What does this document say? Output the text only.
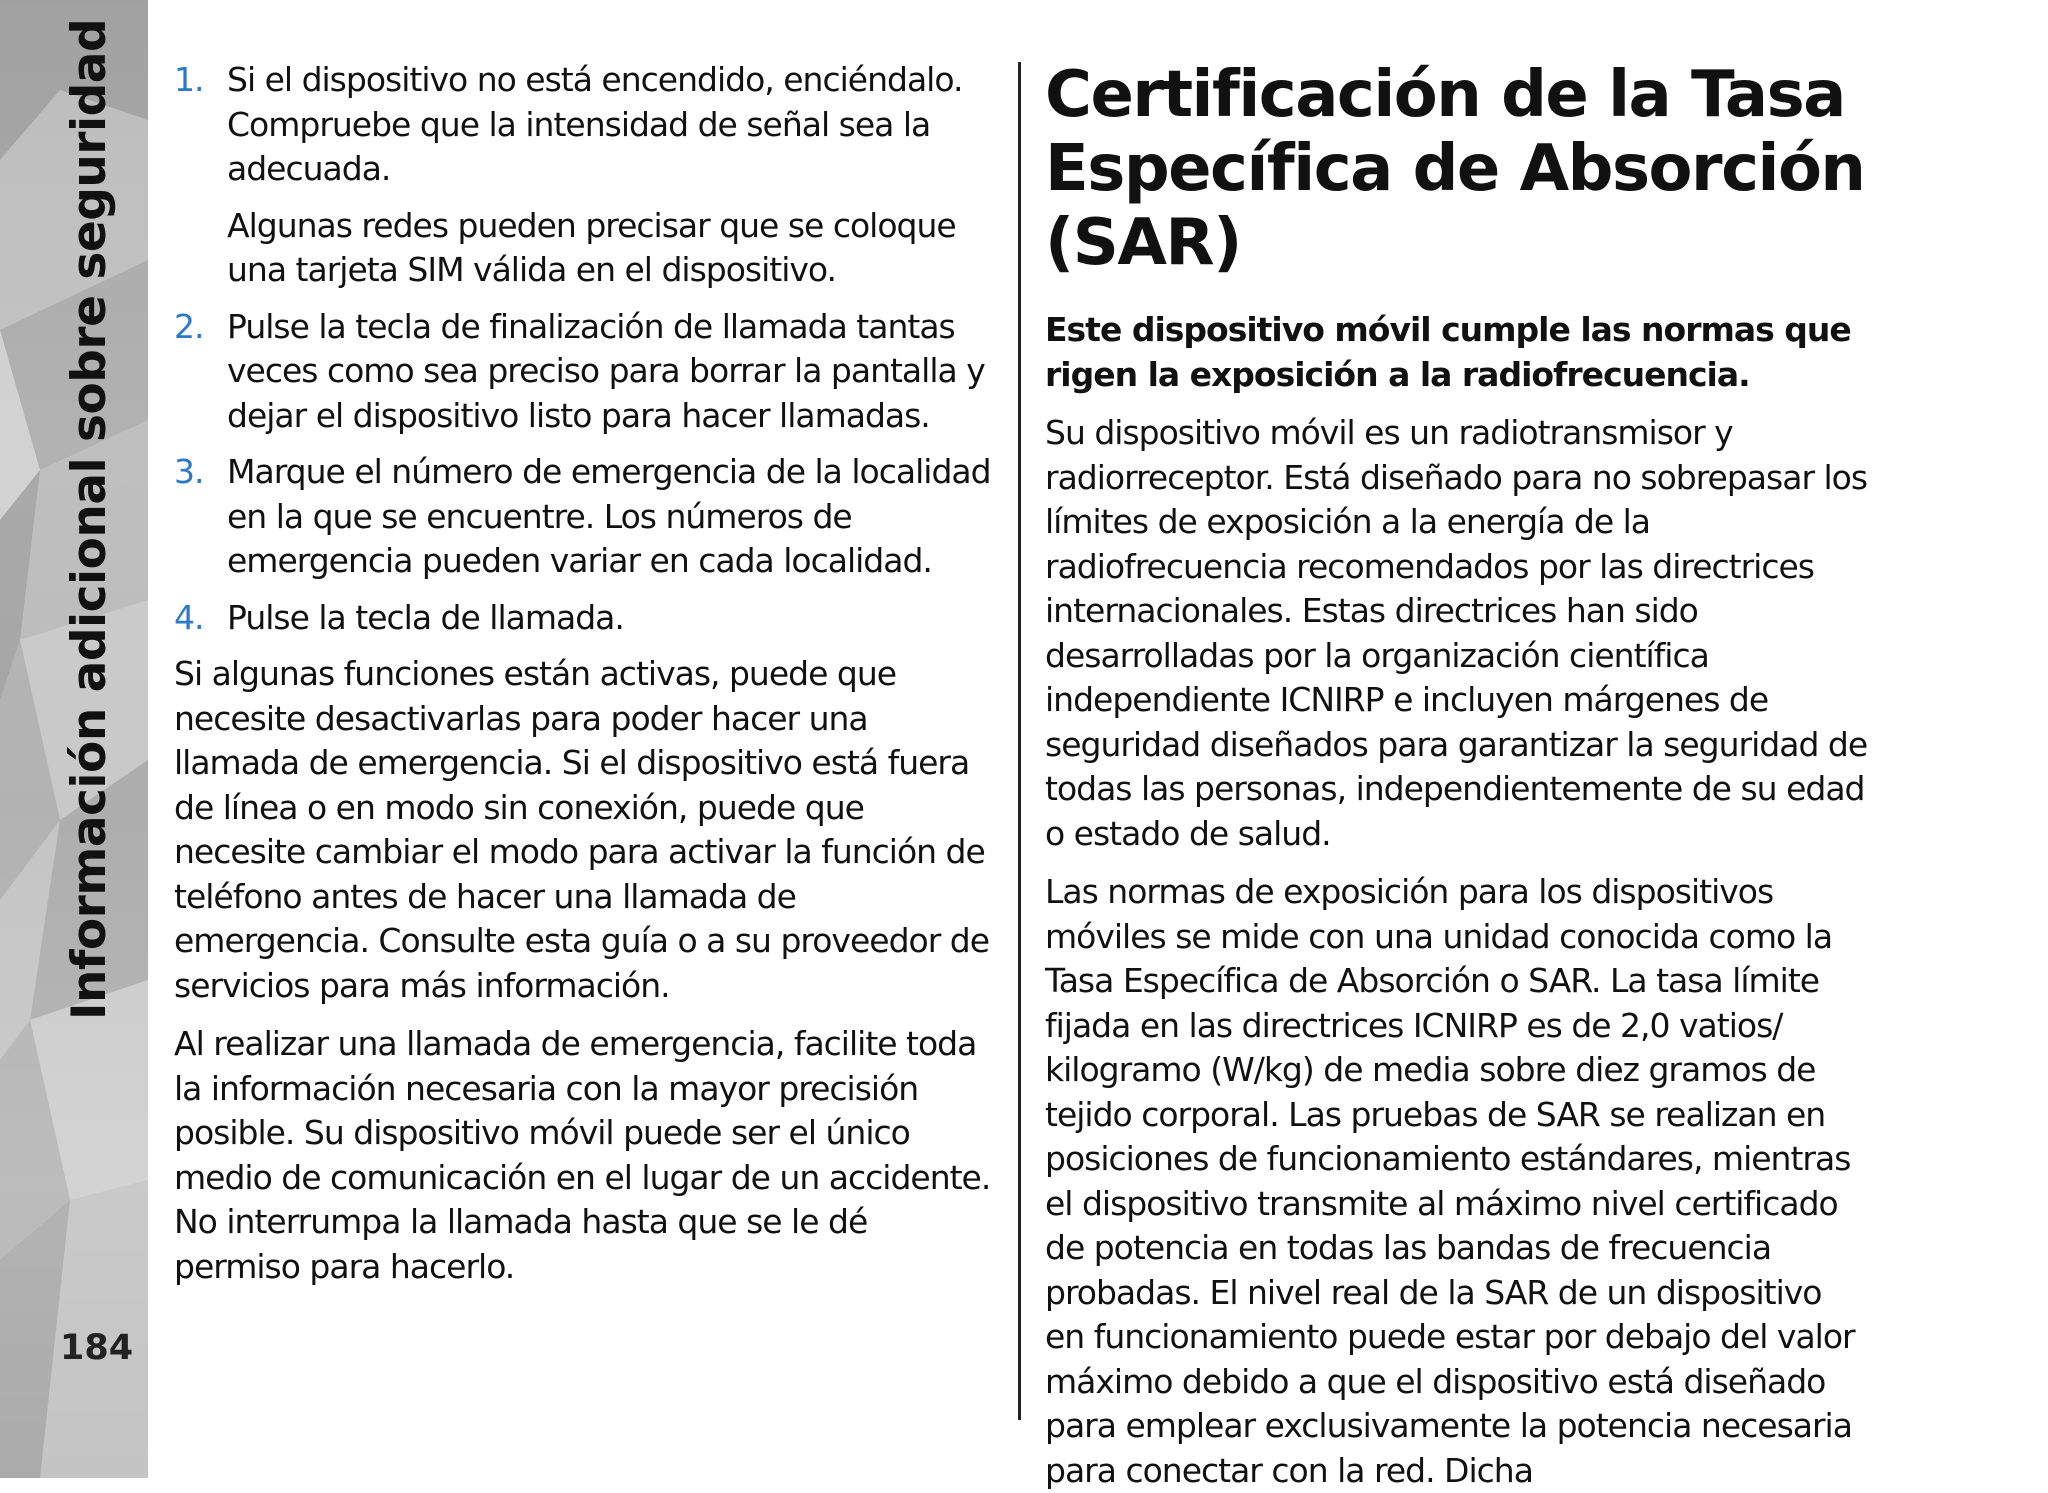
Información adicional sobre seguridad
184
1. Si el dispositivo no está encendido, enciéndalo. Compruebe que la intensidad de señal sea la adecuada.

Algunas redes pueden precisar que se coloque una tarjeta SIM válida en el dispositivo.

2. Pulse la tecla de finalización de llamada tantas veces como sea preciso para borrar la pantalla y dejar el dispositivo listo para hacer llamadas.

3. Marque el número de emergencia de la localidad en la que se encuentre. Los números de emergencia pueden variar en cada localidad.

4. Pulse la tecla de llamada.

Si algunas funciones están activas, puede que necesite desactivarlas para poder hacer una llamada de emergencia. Si el dispositivo está fuera de línea o en modo sin conexión, puede que necesite cambiar el modo para activar la función de teléfono antes de hacer una llamada de emergencia. Consulte esta guía o a su proveedor de servicios para más información.

Al realizar una llamada de emergencia, facilite toda la información necesaria con la mayor precisión posible. Su dispositivo móvil puede ser el único medio de comunicación en el lugar de un accidente. No interrumpa la llamada hasta que se le dé permiso para hacerlo.

Certificación de la Tasa Específica de Absorción (SAR)

Este dispositivo móvil cumple las normas que rigen la exposición a la radiofrecuencia.

Su dispositivo móvil es un radiotransmisor y radiorreceptor. Está diseñado para no sobrepasar los límites de exposición a la energía de la radiofrecuencia recomendados por las directrices internacionales. Estas directrices han sido desarrolladas por la organización científica independiente ICNIRP e incluyen márgenes de seguridad diseñados para garantizar la seguridad de todas las personas, independientemente de su edad o estado de salud.

Las normas de exposición para los dispositivos móviles se mide con una unidad conocida como la Tasa Específica de Absorción o SAR. La tasa límite fijada en las directrices ICNIRP es de 2,0 vatios/ kilogramo (W/kg) de media sobre diez gramos de tejido corporal. Las pruebas de SAR se realizan en posiciones de funcionamiento estándares, mientras el dispositivo transmite al máximo nivel certificado de potencia en todas las bandas de frecuencia probadas. El nivel real de la SAR de un dispositivo en funcionamiento puede estar por debajo del valor máximo debido a que el dispositivo está diseñado para emplear exclusivamente la potencia necesaria para conectar con la red. Dicha
